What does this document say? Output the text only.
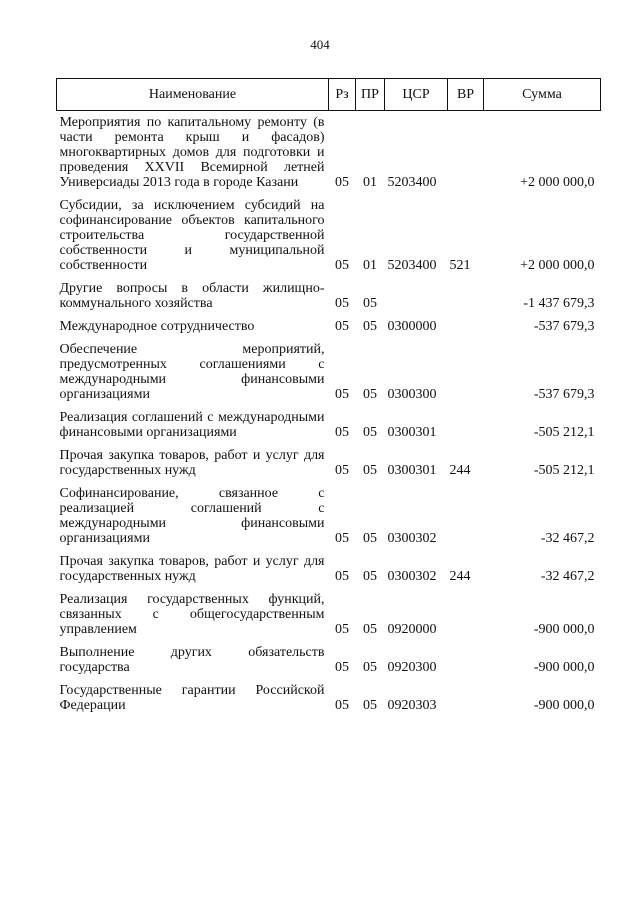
404
Наименование	Рз	ПР	ЦСР	ВР	Сумма
Мероприятия по капитальному ремонту (в части ремонта крыш и фасадов) многоквартирных домов для подготовки и проведения XXVII Всемирной летней Универсиады 2013 года в городе Казани	05	01	5203400		+2 000 000,0
Субсидии, за исключением субсидий на софинансирование объектов капитального строительства государственной собственности и муниципальной собственности	05	01	5203400	521	+2 000 000,0
Другие вопросы в области жилищно-коммунального хозяйства	05	05			-1 437 679,3
Международное сотрудничество	05	05	0300000		-537 679,3
Обеспечение мероприятий, предусмотренных соглашениями с международными финансовыми организациями	05	05	0300300		-537 679,3
Реализация соглашений с международными финансовыми организациями	05	05	0300301		-505 212,1
Прочая закупка товаров, работ и услуг для государственных нужд	05	05	0300301	244	-505 212,1
Софинансирование, связанное с реализацией соглашений с международными финансовыми организациями	05	05	0300302		-32 467,2
Прочая закупка товаров, работ и услуг для государственных нужд	05	05	0300302	244	-32 467,2
Реализация государственных функций, связанных с общегосударственным управлением	05	05	0920000		-900 000,0
Выполнение других обязательств государства	05	05	0920300		-900 000,0
Государственные гарантии Российской Федерации	05	05	0920303		-900 000,0
